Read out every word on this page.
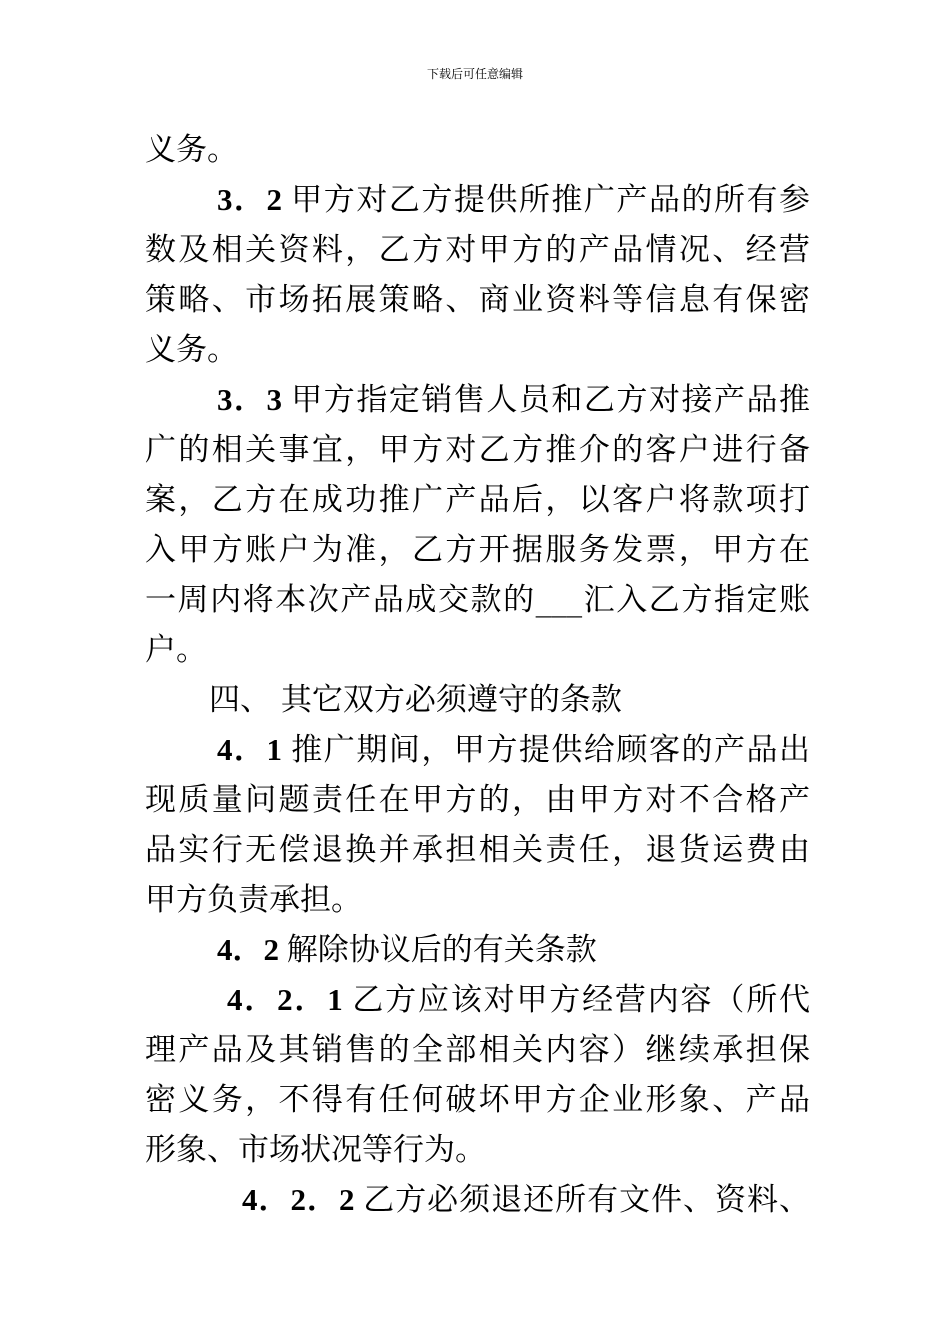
下载后可任意编辑
义务。
3．2 甲方对乙方提供所推广产品的所有参
数及相关资料，乙方对甲方的产品情况、经营
策略、市场拓展策略、商业资料等信息有保密
义务。
3．3 甲方指定销售人员和乙方对接产品推
广的相关事宜，甲方对乙方推介的客户进行备
案，乙方在成功推广产品后，以客户将款项打
入甲方账户为准，乙方开据服务发票，甲方在
一周内将本次产品成交款的___汇入乙方指定账
户。
四、 其它双方必须遵守的条款
4．1 推广期间，甲方提供给顾客的产品出
现质量问题责任在甲方的，由甲方对不合格产
品实行无偿退换并承担相关责任，退货运费由
甲方负责承担。
4．2 解除协议后的有关条款
4．2．1 乙方应该对甲方经营内容（所代
理产品及其销售的全部相关内容）继续承担保
密义务，不得有任何破坏甲方企业形象、产品
形象、市场状况等行为。
4．2．2 乙方必须退还所有文件、资料、
